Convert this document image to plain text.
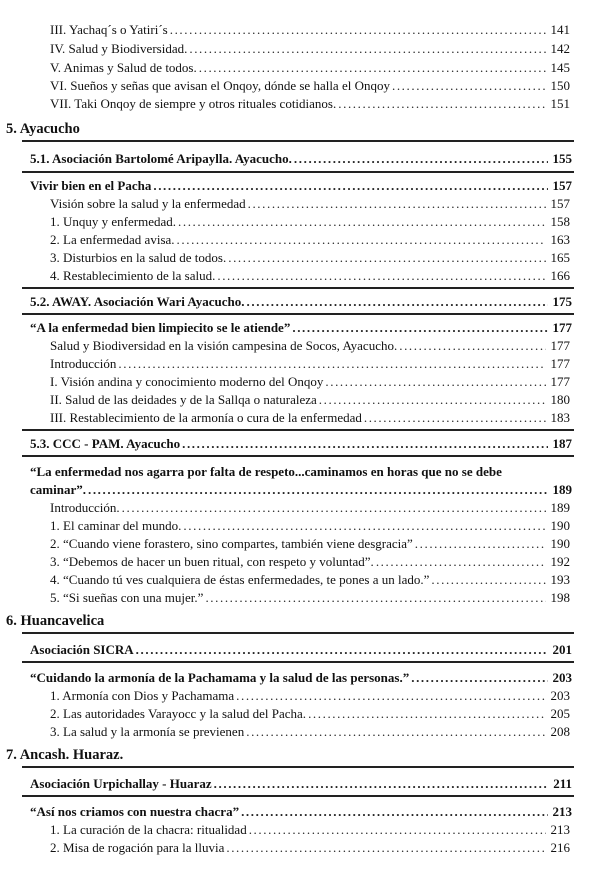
III. Yachaq´s o Yatiri´s .....	141
IV. Salud y Biodiversidad. .....	142
V. Animas y Salud de todos. .....	145
VI. Sueños y señas que avisan el Onqoy, dónde se halla el Onqoy .....	150
VII. Taki Onqoy de siempre y otros rituales cotidianos. .....	151
5. Ayacucho
5.1. Asociación Bartolomé Aripaylla. Ayacucho. .....	155
Vivir bien en el Pacha .....	157
Visión sobre la salud y la enfermedad .....	157
1. Unquy y enfermedad. .....	158
2. La enfermedad avisa. .....	163
3. Disturbios en la salud de todos. .....	165
4. Restablecimiento de la salud. .....	166
5.2. AWAY. Asociación Wari Ayacucho. .....	175
“A la enfermedad bien limpiecito se le atiende” .....	177
Salud y Biodiversidad en la visión campesina de Socos, Ayacucho. .....	177
Introducción .....	177
I. Visión andina y conocimiento moderno del Onqoy .....	177
II. Salud de las deidades y de la Sallqa o naturaleza .....	180
III. Restablecimiento de la armonía o cura de la enfermedad .....	183
5.3. CCC - PAM. Ayacucho .....	187
“La enfermedad nos agarra por falta de respeto...caminamos en horas que no se debe
caminar”. .....	189
Introducción. .....	189
1. El caminar del mundo. .....	190
2. “Cuando viene forastero, sino compartes, también viene desgracia” .....	190
3. “Debemos de hacer un buen ritual, con respeto y voluntad”. .....	192
4. “Cuando tú ves cualquiera de éstas enfermedades, te pones a un lado.” .....	193
5. “Si sueñas con una mujer.” .....	198
6. Huancavelica
Asociación SICRA .....	201
“Cuidando la armonía de la Pachamama y la salud de las personas.” .....	203
1. Armonía con Dios y Pachamama .....	203
2. Las autoridades Varayocc y la salud del Pacha. .....	205
3. La salud y la armonía se previenen .....	208
7. Ancash. Huaraz.
Asociación Urpichallay - Huaraz .....	211
“Así nos criamos con nuestra chacra” .....	213
1. La curación de la chacra: ritualidad .....	213
2. Misa de rogación para la lluvia .....	216
